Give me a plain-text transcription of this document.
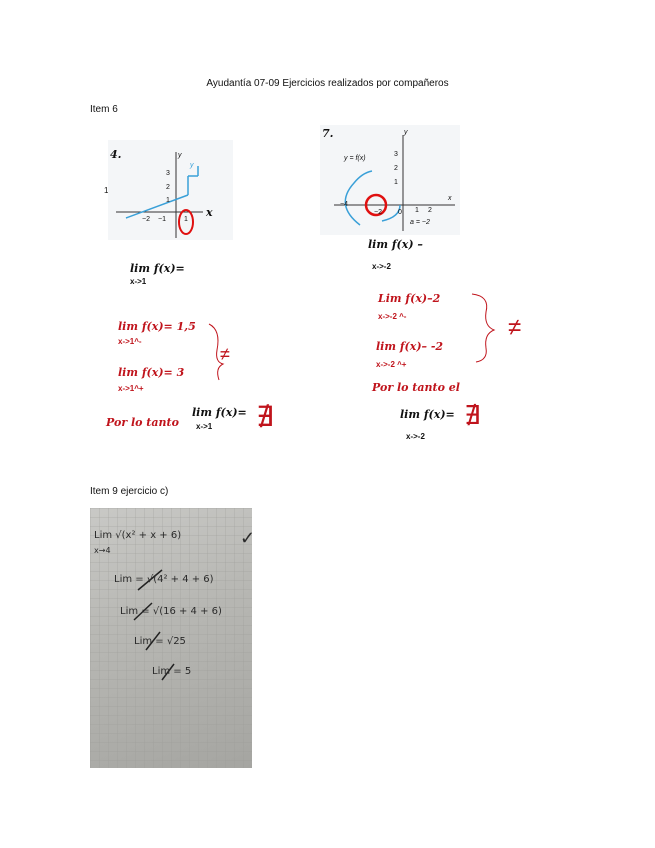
Ayudantía 07-09 Ejercicios realizados por compañeros
Item 6
Item 9 ejercicio c)
1
4.	y
y
3
2
1
−2 −1	1
x
lim f(x)=
x->1
lim f(x)= 1,5
x->1^-
lim f(x)= 3
x->1^+
≠
Por lo tanto
lim f(x)=
x->1 ∄
7.	y
y = f(x)
3
2
1
−4
−2 0 1 2
x
a = −2
lim f(x) –
x->-2
Lim f(x)–2
x->-2 ^-
lim f(x)– -2
x->-2 ^+
≠
Por lo tanto el
lim f(x)=
x->-2
∄
Lim √(x² + x + 6)
x→4
✓
Lim = √(4² + 4 + 6)
Lim = √(16 + 4 + 6)
Lim = √25
Lim = 5
